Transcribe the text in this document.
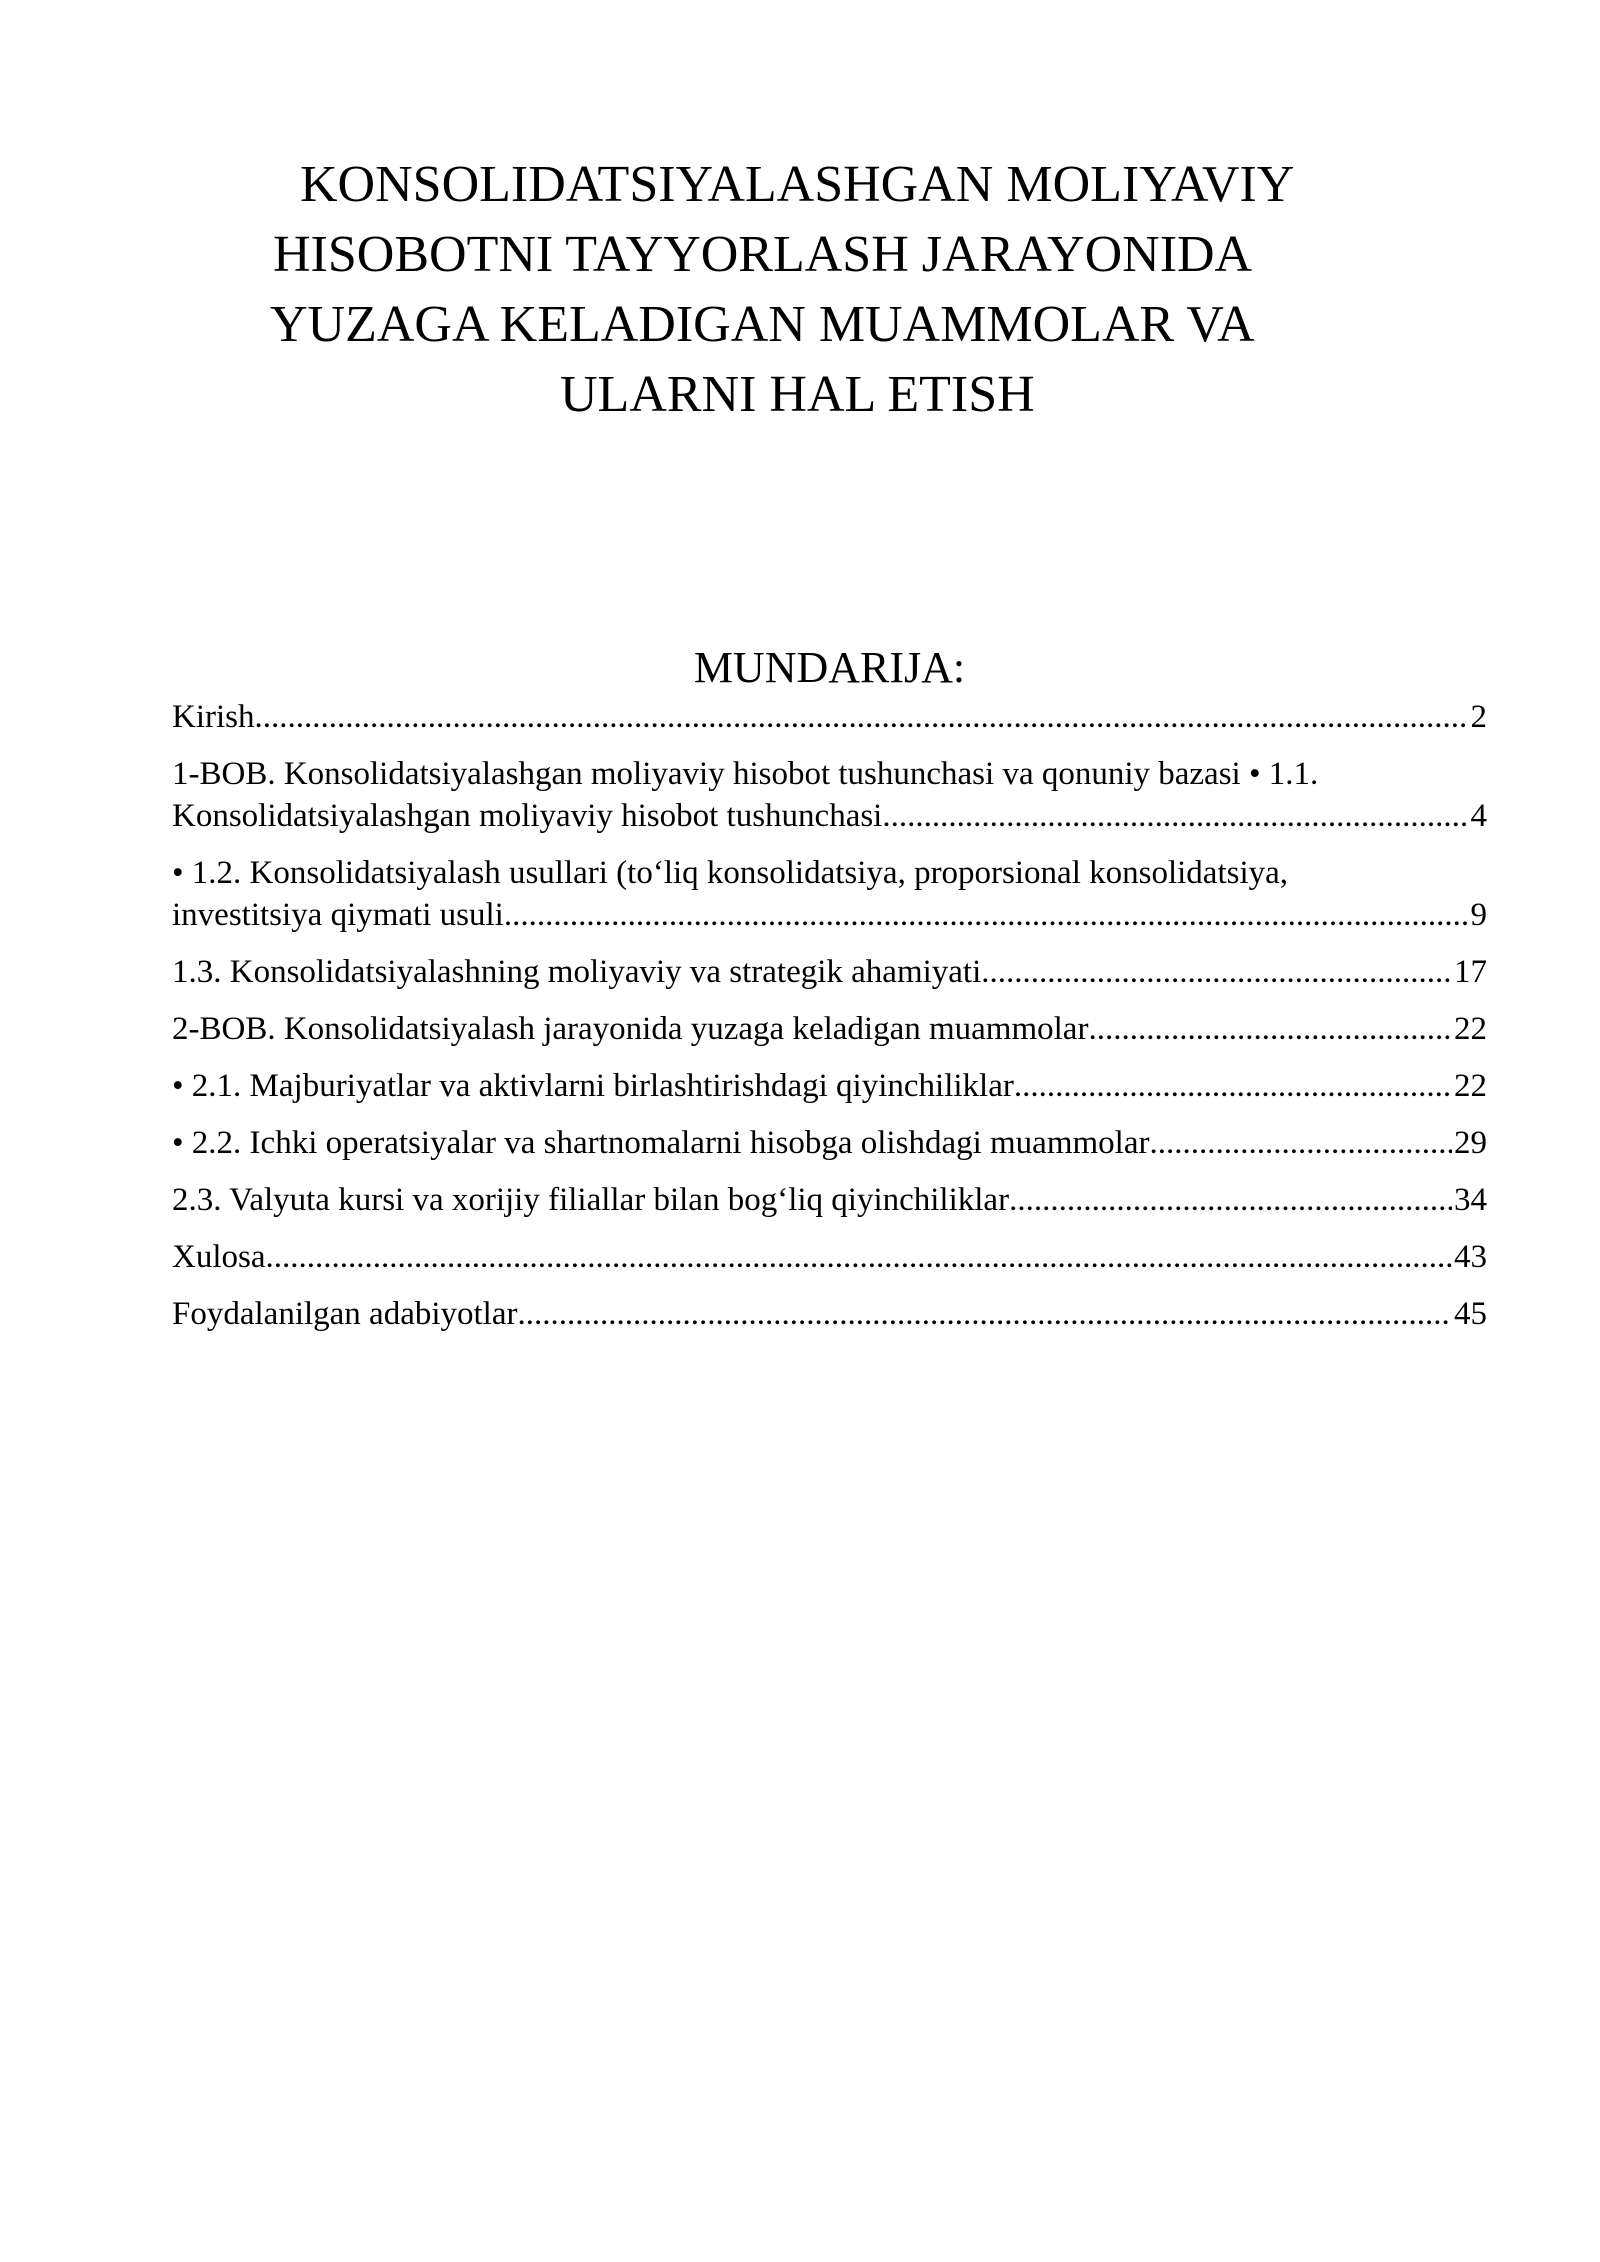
KONSOLIDATSIYALASHGAN MOLIYAVIY
HISOBOTNI TAYYORLASH JARAYONIDA
YUZAGA KELADIGAN MUAMMOLAR VA
ULARNI HAL ETISH
MUNDARIJA:
Kirish .....	2
1-BOB. Konsolidatsiyalashgan moliyaviy hisobot tushunchasi va qonuniy bazasi • 1.1.
Konsolidatsiyalashgan moliyaviy hisobot tushunchasi .....	4
• 1.2. Konsolidatsiyalash usullari (to‘liq konsolidatsiya, proporsional konsolidatsiya,
investitsiya qiymati usuli .....	9
1.3. Konsolidatsiyalashning moliyaviy va strategik ahamiyati .....	17
2-BOB. Konsolidatsiyalash jarayonida yuzaga keladigan muammolar .....	22
• 2.1. Majburiyatlar va aktivlarni birlashtirishdagi qiyinchiliklar .....	22
• 2.2. Ichki operatsiyalar va shartnomalarni hisobga olishdagi muammolar .....	29
2.3. Valyuta kursi va xorijiy filiallar bilan bog‘liq qiyinchiliklar .....	34
Xulosa .....	43
Foydalanilgan adabiyotlar .....	45
